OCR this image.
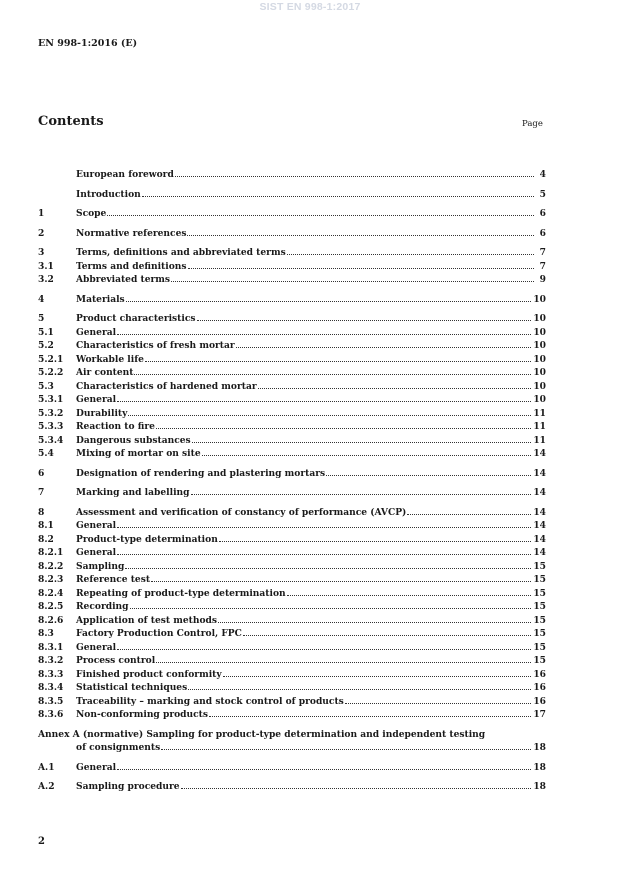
SIST EN 998-1:2017
EN 998-1:2016 (E)
Contents	Page
European foreword	4
Introduction	5
1	Scope	6
2	Normative references	6
3	Terms, definitions and abbreviated terms	7
3.1	Terms and definitions	7
3.2	Abbreviated terms	9
4	Materials	10
5	Product characteristics	10
5.1	General	10
5.2	Characteristics of fresh mortar	10
5.2.1	Workable life	10
5.2.2	Air content	10
5.3	Characteristics of hardened mortar	10
5.3.1	General	10
5.3.2	Durability	11
5.3.3	Reaction to fire	11
5.3.4	Dangerous substances	11
5.4	Mixing of mortar on site	14
6	Designation of rendering and plastering mortars	14
7	Marking and labelling	14
8	Assessment and verification of constancy of performance (AVCP)	14
8.1	General	14
8.2	Product-type determination	14
8.2.1	General	14
8.2.2	Sampling	15
8.2.3	Reference test	15
8.2.4	Repeating of product-type determination	15
8.2.5	Recording	15
8.2.6	Application of test methods	15
8.3	Factory Production Control, FPC	15
8.3.1	General	15
8.3.2	Process control	15
8.3.3	Finished product conformity	16
8.3.4	Statistical techniques	16
8.3.5	Traceability – marking and stock control of products	16
8.3.6	Non-conforming products	17
Annex A (normative) Sampling for product-type determination and independent testing
of consignments	18
A.1	General	18
A.2	Sampling procedure	18
2
